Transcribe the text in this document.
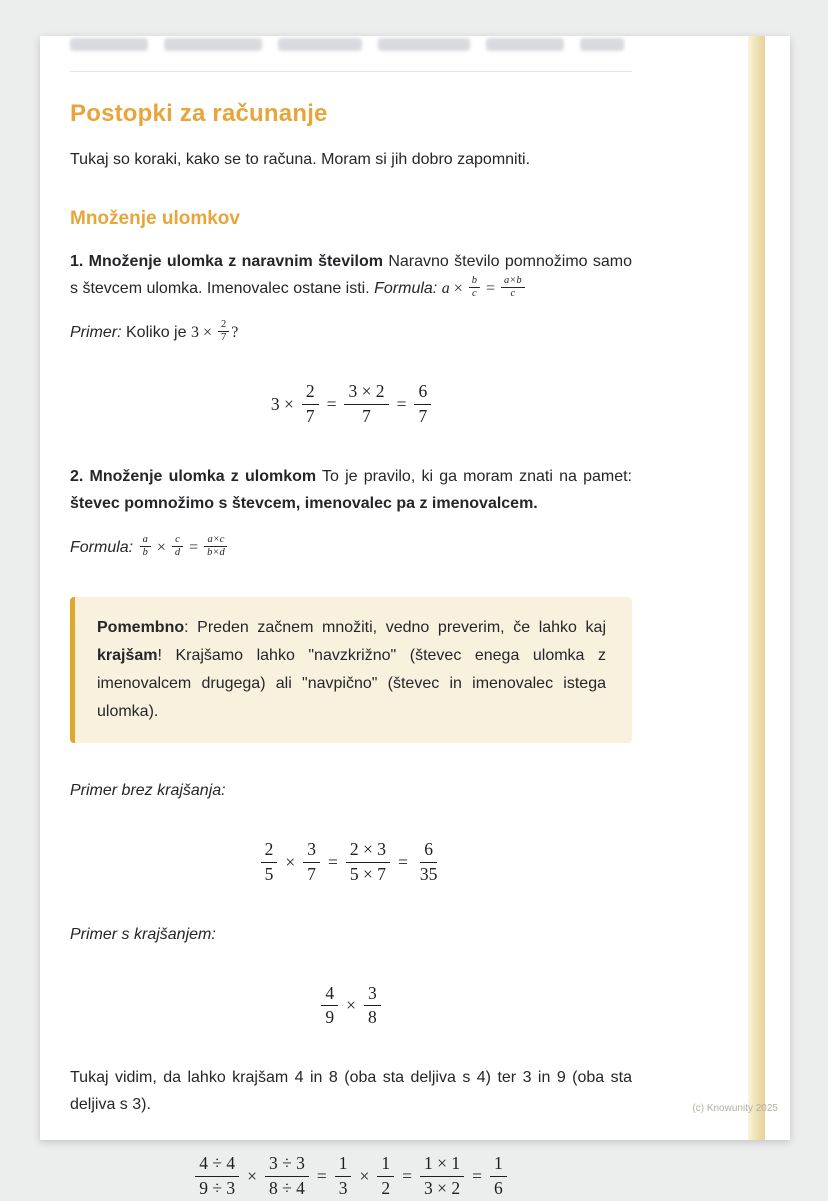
Postopki za računanje

Tukaj so koraki, kako se to računa. Moram si jih dobro zapomniti.

Množenje ulomkov

1. Množenje ulomka z naravnim številom Naravno število pomnožimo samo s števcem ulomka. Imenovalec ostane isti. Formula: $a \times \frac{b}{c} = \frac{a\times b}{c}$

Primer: Koliko je $3 \times \frac{2}{7}$ ?

$3 \times \frac{2}{7} = \frac{3 \times 2}{7} = \frac{6}{7}$

2. Množenje ulomka z ulomkom To je pravilo, ki ga moram znati na pamet: števec pomnožimo s števcem, imenovalec pa z imenovalcem.

Formula: $\frac{a}{b} \times \frac{c}{d} = \frac{a\times c}{b\times d}$

Pomembno: Preden začnem množiti, vedno preverim, če lahko kaj krajšam! Krajšamo lahko "navzkrižno" (števec enega ulomka z imenovalcem drugega) ali "navpično" (števec in imenovalec istega ulomka).

Primer brez krajšanja:

$\frac{2}{5} \times \frac{3}{7} = \frac{2 \times 3}{5 \times 7} = \frac{6}{35}$

Primer s krajšanjem:

$\frac{4}{9} \times \frac{3}{8}$

Tukaj vidim, da lahko krajšam 4 in 8 (oba sta deljiva s 4) ter 3 in 9 (oba sta deljiva s 3).

$\frac{4 \div 4}{9 \div 3} \times \frac{3 \div 3}{8 \div 4} = \frac{1}{3} \times \frac{1}{2} = \frac{1 \times 1}{3 \times 2} = \frac{1}{6}$
(c) Knowunity 2025
